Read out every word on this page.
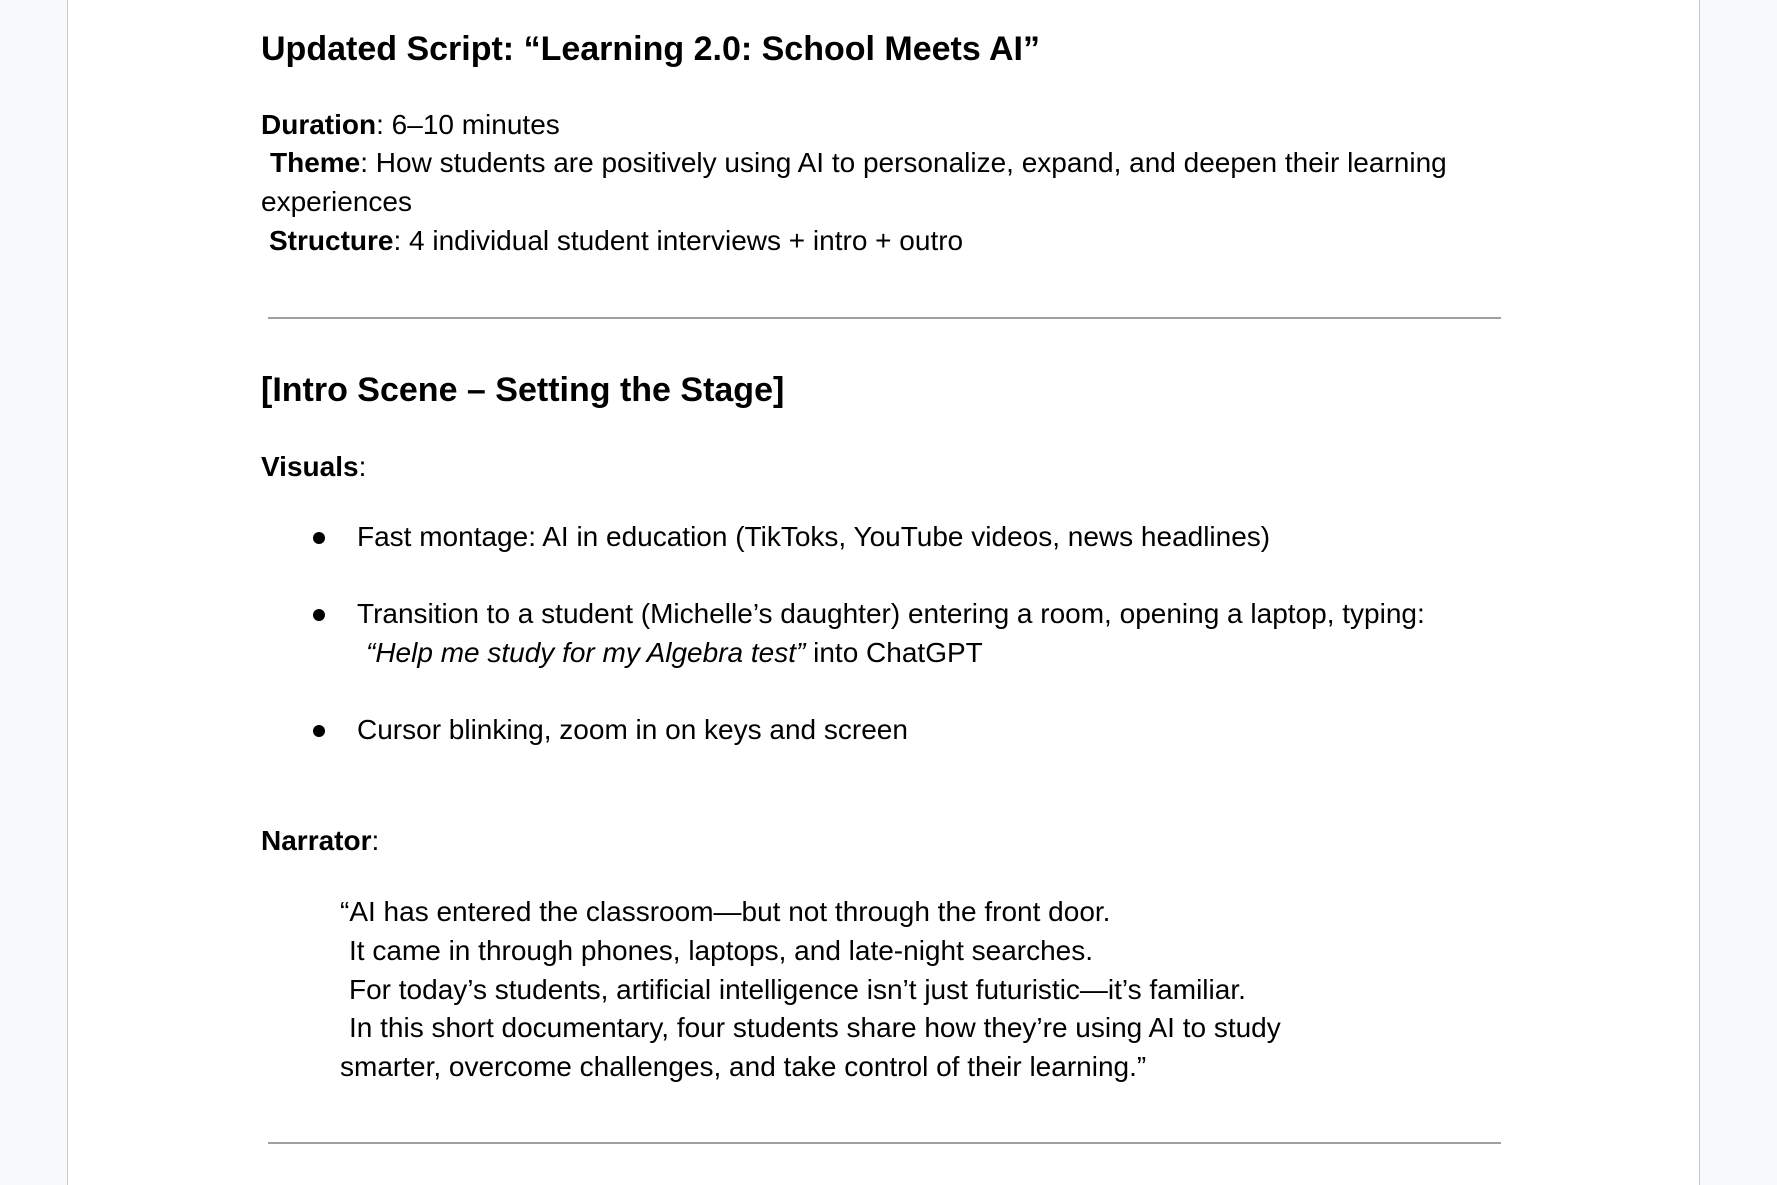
Updated Script: “Learning 2.0: School Meets AI”
Duration: 6–10 minutes
Theme: How students are positively using AI to personalize, expand, and deepen their learning
experiences
Structure: 4 individual student interviews + intro + outro
[Intro Scene – Setting the Stage]
Visuals:
Fast montage: AI in education (TikToks, YouTube videos, news headlines)
Transition to a student (Michelle’s daughter) entering a room, opening a laptop, typing:
“Help me study for my Algebra test” into ChatGPT
Cursor blinking, zoom in on keys and screen
Narrator:
“AI has entered the classroom—but not through the front door.
It came in through phones, laptops, and late-night searches.
For today’s students, artificial intelligence isn’t just futuristic—it’s familiar.
In this short documentary, four students share how they’re using AI to study
smarter, overcome challenges, and take control of their learning.”
